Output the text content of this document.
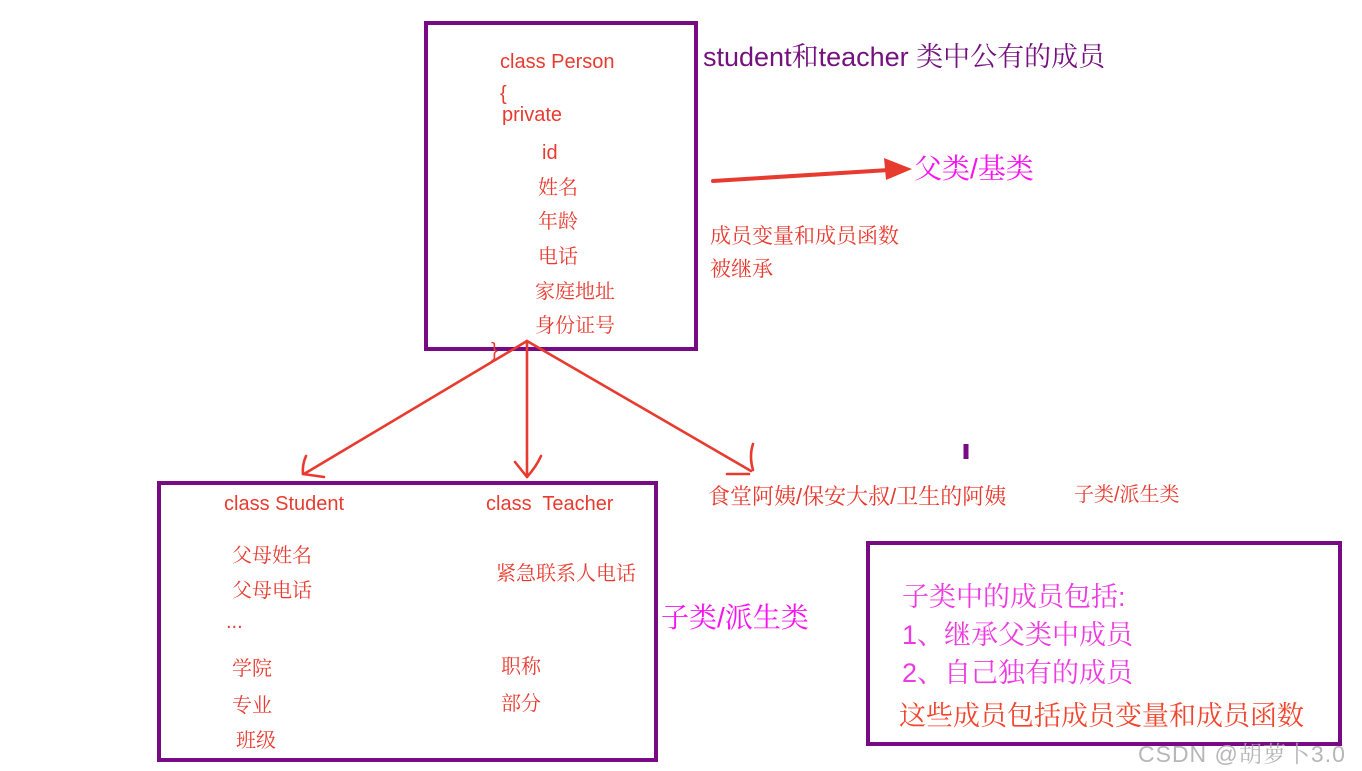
class Person
{
private
id
姓名
年龄
电话
家庭地址
身份证号
}
student和teacher 类中公有的成员
父类/基类
成员变量和成员函数
被继承
食堂阿姨/保安大叔/卫生的阿姨	子类/派生类
子类/派生类
class Student	class  Teacher
父母姓名
父母电话
...
学院
专业
班级
紧急联系人电话
职称
部分
子类中的成员包括:
1、继承父类中成员
2、自己独有的成员
这些成员包括成员变量和成员函数
CSDN @胡萝卜3.0
